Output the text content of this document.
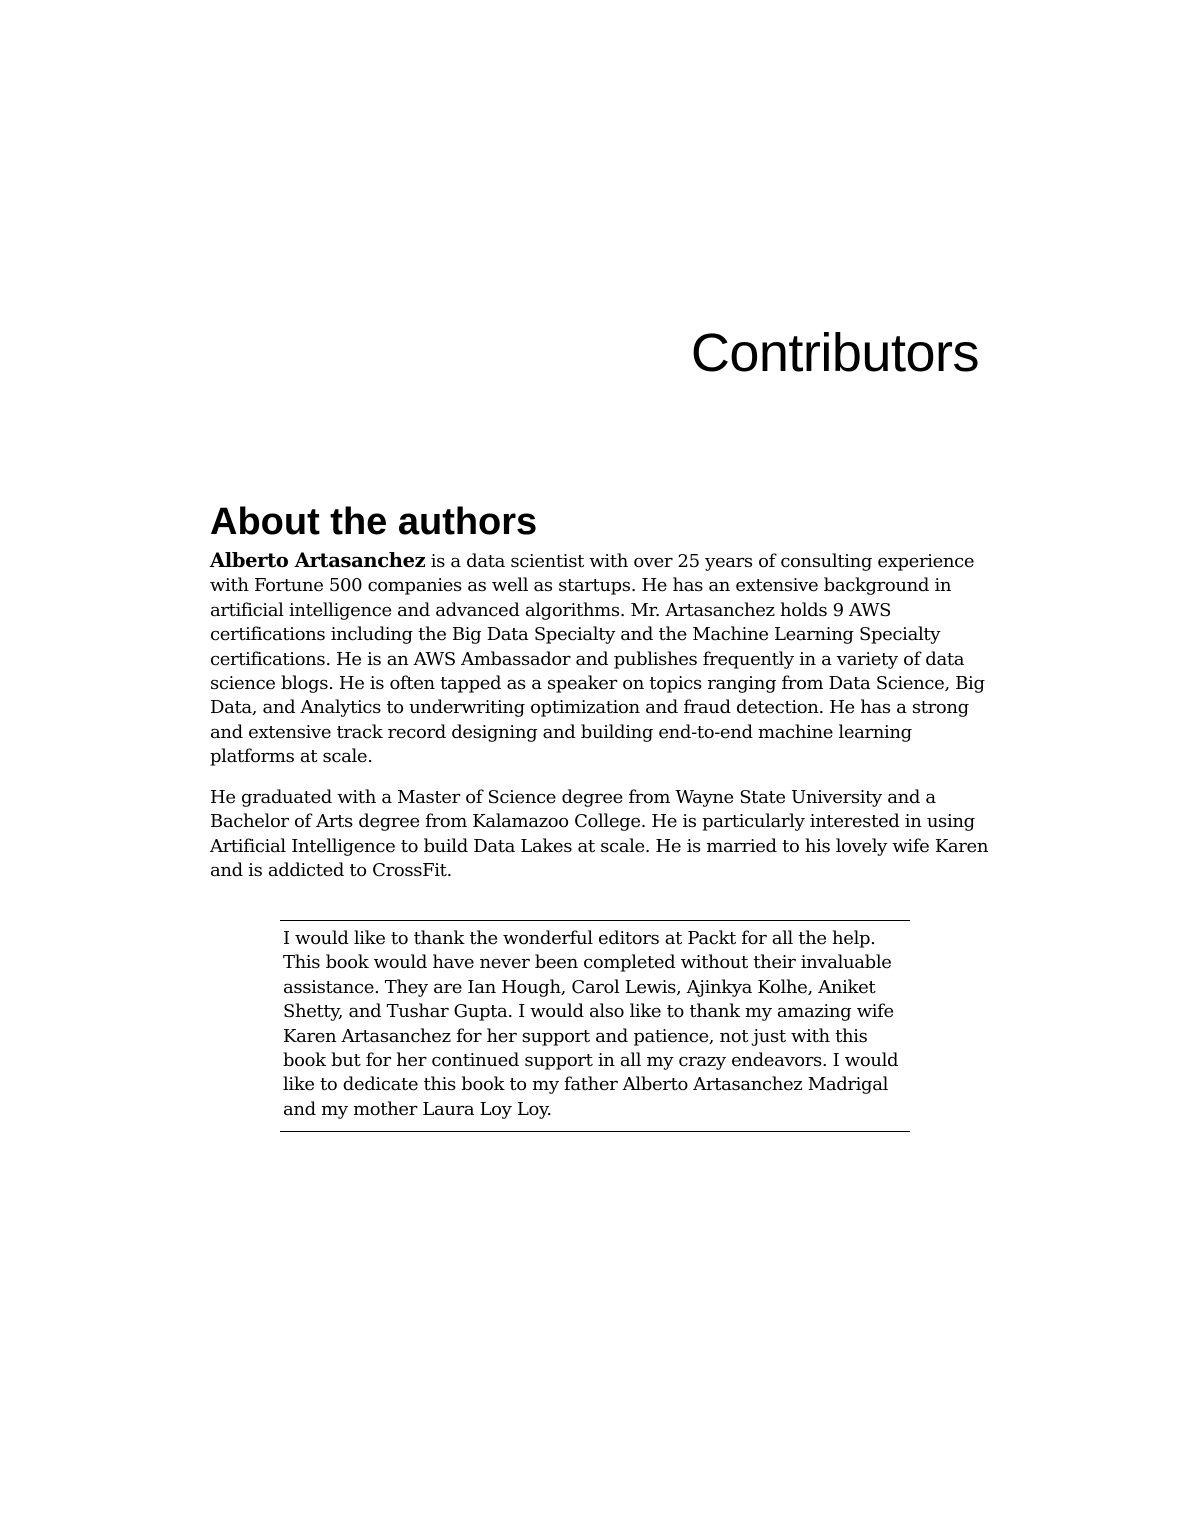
Contributors
About the authors

Alberto Artasanchez is a data scientist with over 25 years of consulting experience with Fortune 500 companies as well as startups. He has an extensive background in artificial intelligence and advanced algorithms. Mr. Artasanchez holds 9 AWS certifications including the Big Data Specialty and the Machine Learning Specialty certifications. He is an AWS Ambassador and publishes frequently in a variety of data science blogs. He is often tapped as a speaker on topics ranging from Data Science, Big Data, and Analytics to underwriting optimization and fraud detection. He has a strong and extensive track record designing and building end-to-end machine learning platforms at scale.

He graduated with a Master of Science degree from Wayne State University and a Bachelor of Arts degree from Kalamazoo College. He is particularly interested in using Artificial Intelligence to build Data Lakes at scale. He is married to his lovely wife Karen and is addicted to CrossFit.

I would like to thank the wonderful editors at Packt for all the help. This book would have never been completed without their invaluable assistance. They are Ian Hough, Carol Lewis, Ajinkya Kolhe, Aniket Shetty, and Tushar Gupta. I would also like to thank my amazing wife Karen Artasanchez for her support and patience, not just with this book but for her continued support in all my crazy endeavors. I would like to dedicate this book to my father Alberto Artasanchez Madrigal and my mother Laura Loy Loy.
